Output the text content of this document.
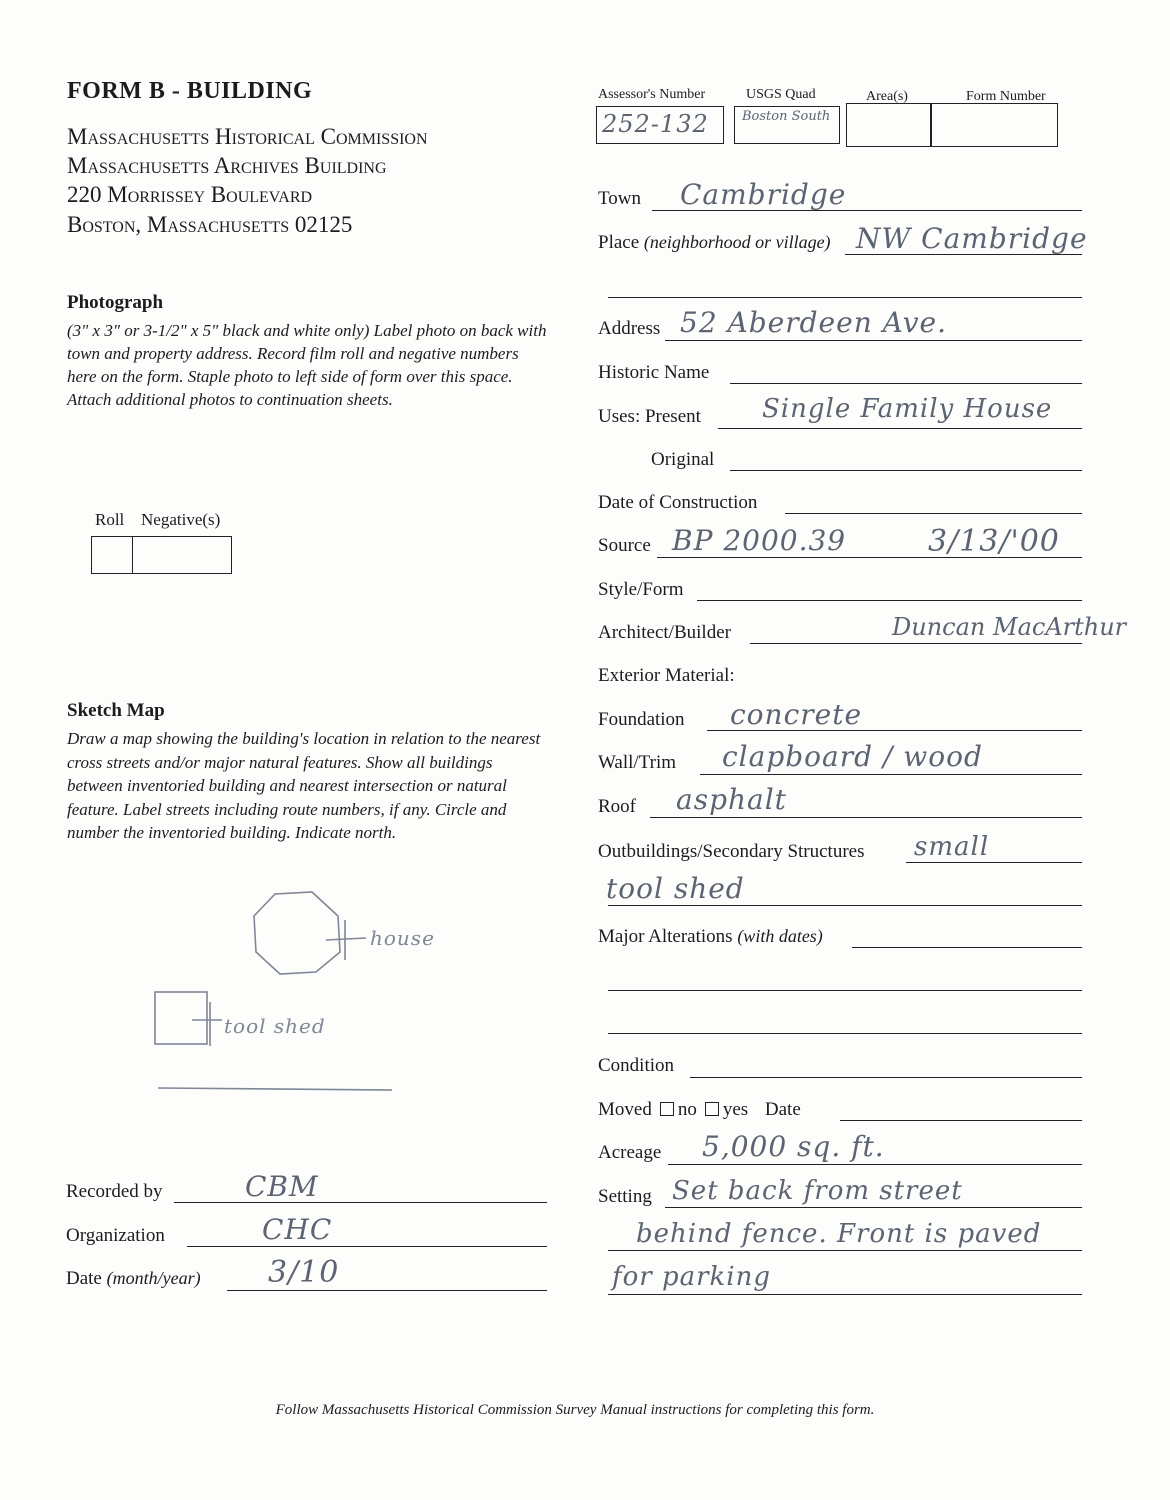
FORM B - BUILDING
Massachusetts Historical Commission
Massachusetts Archives Building
220 Morrissey Boulevard
Boston, Massachusetts 02125
Photograph
(3" x 3" or 3-1/2" x 5" black and white only) Label photo on back with town and property address. Record film roll and negative numbers here on the form. Staple photo to left side of form over this space. Attach additional photos to continuation sheets.
Roll Negative(s)
Sketch Map
Draw a map showing the building's location in relation to the nearest cross streets and/or major natural features. Show all buildings between inventoried building and nearest intersection or natural feature. Label streets including route numbers, if any. Circle and number the inventoried building. Indicate north.
house
tool shed
Recorded by	CBM
Organization	CHC
Date (month/year) 3/10
Assessor's Number	USGS Quad	Area(s)	Form Number
252-132	Boston South
Town Cambridge
Place (neighborhood or village) NW Cambridge
Address 52 Aberdeen Ave.
Historic Name
Uses: Present Single Family House
Original
Date of Construction
Source BP 2000.39	3/13/'00
Style/Form
Architect/Builder	Duncan MacArthur
Exterior Material:
Foundation concrete
Wall/Trim clapboard / wood
Roof asphalt
Outbuildings/Secondary Structures small
tool shed
Major Alterations (with dates)
Condition
Moved no yes Date
Acreage 5,000 sq. ft.
Setting Set back from street
behind fence. Front is paved
for parking
Follow Massachusetts Historical Commission Survey Manual instructions for completing this form.
